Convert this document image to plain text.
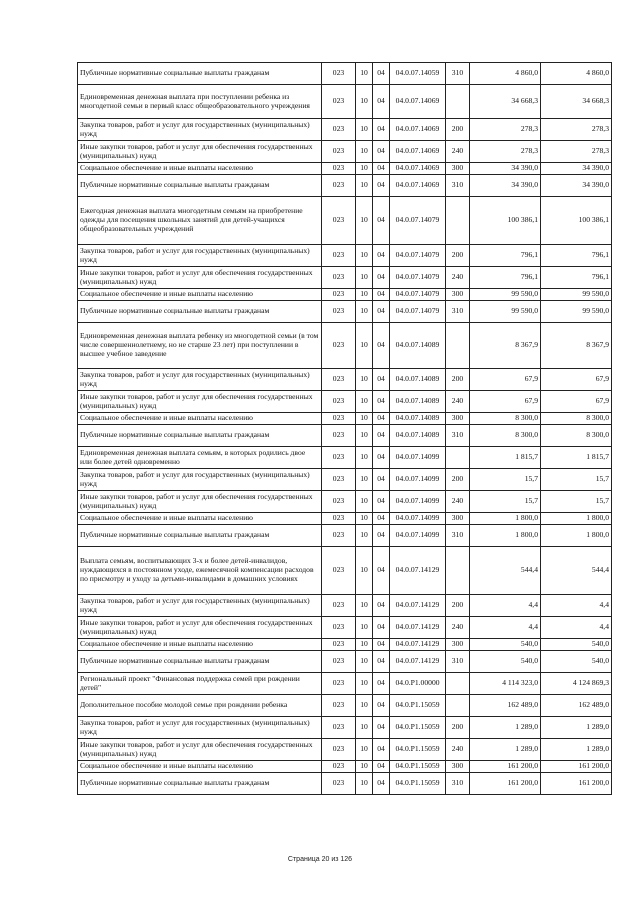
Публичные нормативные социальные выплаты гражданам	023	10	04	04.0.07.14059	310	4 860,0	4 860,0
Единовременная денежная выплата при поступлении ребенка из многодетной семьи в первый класс общеобразовательного учреждения	023	10	04	04.0.07.14069		34 668,3	34 668,3
Закупка товаров, работ и услуг для государственных (муниципальных) нужд	023	10	04	04.0.07.14069	200	278,3	278,3
Иные закупки товаров, работ и услуг для обеспечения государственных (муниципальных) нужд	023	10	04	04.0.07.14069	240	278,3	278,3
Социальное обеспечение и иные выплаты населению	023	10	04	04.0.07.14069	300	34 390,0	34 390,0
Публичные нормативные социальные выплаты гражданам	023	10	04	04.0.07.14069	310	34 390,0	34 390,0
Ежегодная денежная выплата многодетным семьям на приобретение одежды для посещения школьных занятий для детей-учащихся общеобразовательных учреждений	023	10	04	04.0.07.14079		100 386,1	100 386,1
Закупка товаров, работ и услуг для государственных (муниципальных) нужд	023	10	04	04.0.07.14079	200	796,1	796,1
Иные закупки товаров, работ и услуг для обеспечения государственных (муниципальных) нужд	023	10	04	04.0.07.14079	240	796,1	796,1
Социальное обеспечение и иные выплаты населению	023	10	04	04.0.07.14079	300	99 590,0	99 590,0
Публичные нормативные социальные выплаты гражданам	023	10	04	04.0.07.14079	310	99 590,0	99 590,0
Единовременная денежная выплата ребенку из многодетной семьи (в том числе совершеннолетнему, но не старше 23 лет) при поступлении в высшее учебное заведение	023	10	04	04.0.07.14089		8 367,9	8 367,9
Закупка товаров, работ и услуг для государственных (муниципальных) нужд	023	10	04	04.0.07.14089	200	67,9	67,9
Иные закупки товаров, работ и услуг для обеспечения государственных (муниципальных) нужд	023	10	04	04.0.07.14089	240	67,9	67,9
Социальное обеспечение и иные выплаты населению	023	10	04	04.0.07.14089	300	8 300,0	8 300,0
Публичные нормативные социальные выплаты гражданам	023	10	04	04.0.07.14089	310	8 300,0	8 300,0
Единовременная денежная выплата семьям, в которых родились двое или более детей одновременно	023	10	04	04.0.07.14099		1 815,7	1 815,7
Закупка товаров, работ и услуг для государственных (муниципальных) нужд	023	10	04	04.0.07.14099	200	15,7	15,7
Иные закупки товаров, работ и услуг для обеспечения государственных (муниципальных) нужд	023	10	04	04.0.07.14099	240	15,7	15,7
Социальное обеспечение и иные выплаты населению	023	10	04	04.0.07.14099	300	1 800,0	1 800,0
Публичные нормативные социальные выплаты гражданам	023	10	04	04.0.07.14099	310	1 800,0	1 800,0
Выплата семьям, воспитывающих 3-х и более детей-инвалидов, нуждающихся в постоянном уходе, ежемесячной компенсации расходов по присмотру и уходу за детьми-инвалидами в домашних условиях	023	10	04	04.0.07.14129		544,4	544,4
Закупка товаров, работ и услуг для государственных (муниципальных) нужд	023	10	04	04.0.07.14129	200	4,4	4,4
Иные закупки товаров, работ и услуг для обеспечения государственных (муниципальных) нужд	023	10	04	04.0.07.14129	240	4,4	4,4
Социальное обеспечение и иные выплаты населению	023	10	04	04.0.07.14129	300	540,0	540,0
Публичные нормативные социальные выплаты гражданам	023	10	04	04.0.07.14129	310	540,0	540,0
Региональный проект "Финансовая поддержка семей при рождении детей"	023	10	04	04.0.P1.00000		4 114 323,0	4 124 869,3
Дополнительное пособие молодой семье при рождении ребенка	023	10	04	04.0.P1.15059		162 489,0	162 489,0
Закупка товаров, работ и услуг для государственных (муниципальных) нужд	023	10	04	04.0.P1.15059	200	1 289,0	1 289,0
Иные закупки товаров, работ и услуг для обеспечения государственных (муниципальных) нужд	023	10	04	04.0.P1.15059	240	1 289,0	1 289,0
Социальное обеспечение и иные выплаты населению	023	10	04	04.0.P1.15059	300	161 200,0	161 200,0
Публичные нормативные социальные выплаты гражданам	023	10	04	04.0.P1.15059	310	161 200,0	161 200,0
Страница 20 из 126
